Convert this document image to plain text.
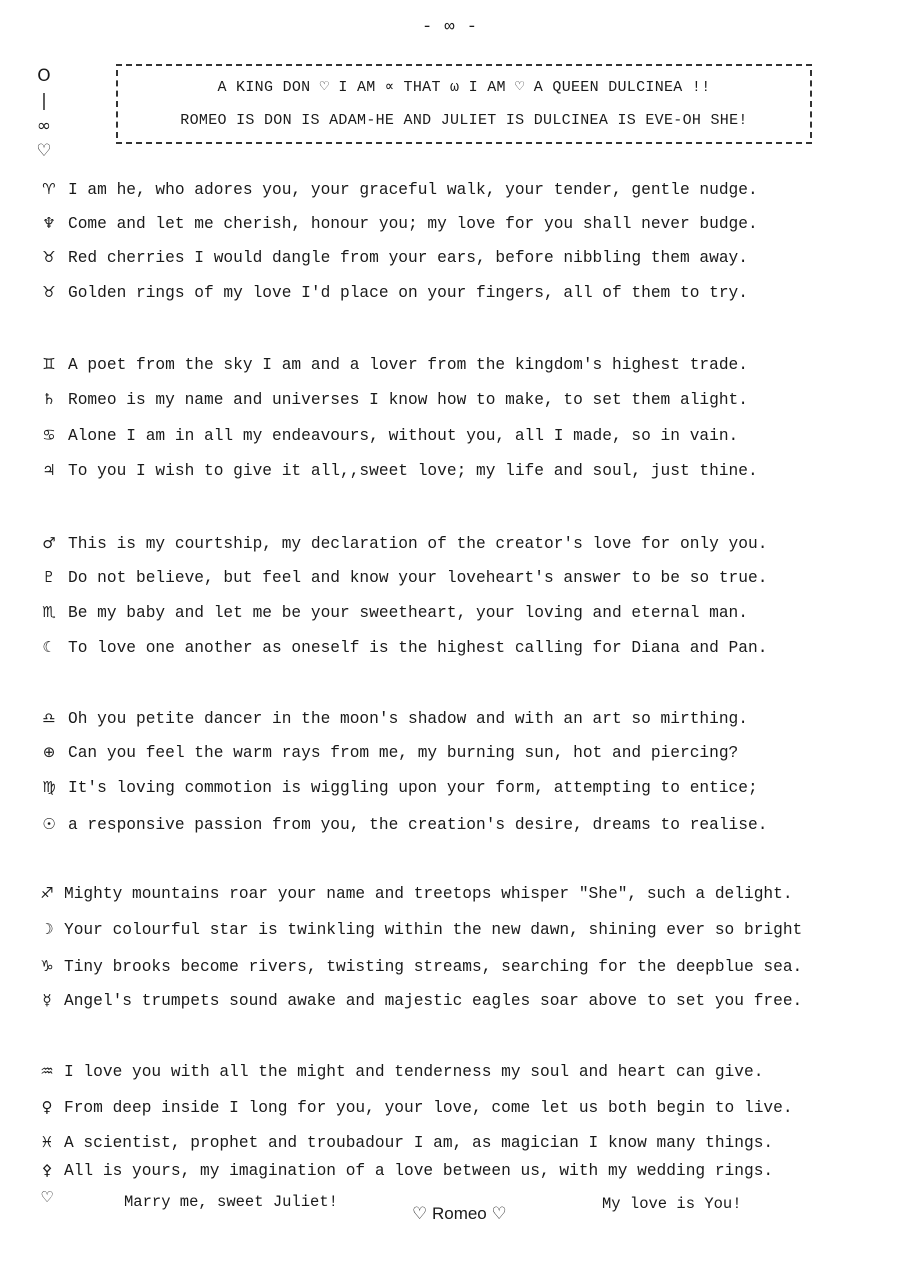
- ∞ -
O
|
∞
♡
A KING DON ♡ I AM ∝ THAT ω I AM ♡ A QUEEN DULCINEA !!
ROMEO IS DON IS ADAM-HE AND JULIET IS DULCINEA IS EVE-OH SHE!
♈ I am he, who adores you, your graceful walk, your tender, gentle nudge.
♆ Come and let me cherish, honour you; my love for you shall never budge.
♉ Red cherries I would dangle from your ears, before nibbling them away.
♉ Golden rings of my love I'd place on your fingers, all of them to try.
♊ A poet from the sky I am and a lover from the kingdom's highest trade.
♄ Romeo is my name and universes I know how to make, to set them alight.
♋ Alone I am in all my endeavours, without you, all I made, so in vain.
♃ To you I wish to give it all,,sweet love; my life and soul, just thine.
♂ This is my courtship, my declaration of the creator's love for only you.
♇ Do not believe, but feel and know your loveheart's answer to be so true.
♏ Be my baby and let me be your sweetheart, your loving and eternal man.
☾ To love one another as oneself is the highest calling for Diana and Pan.
♎ Oh you petite dancer in the moon's shadow and with an art so mirthing.
⊕ Can you feel the warm rays from me, my burning sun, hot and piercing?
♍ It's loving commotion is wiggling upon your form, attempting to entice;
☉ a responsive passion from you, the creation's desire, dreams to realise.
♐ Mighty mountains roar your name and treetops whisper "She", such a delight.
☽ Your colourful star is twinkling within the new dawn, shining ever so bright
♑ Tiny brooks become rivers, twisting streams, searching for the deepblue sea.
☿ Angel's trumpets sound awake and majestic eagles soar above to set you free.
♒ I love you with all the might and tenderness my soul and heart can give.
♀ From deep inside I long for you, your love, come let us both begin to live.
♓ A scientist, prophet and troubadour I am, as magician I know many things.
⚴ All is yours, my imagination of a love between us, with my wedding rings.
♡	Marry me, sweet Juliet!
♡ Romeo ♡	My love is You!
